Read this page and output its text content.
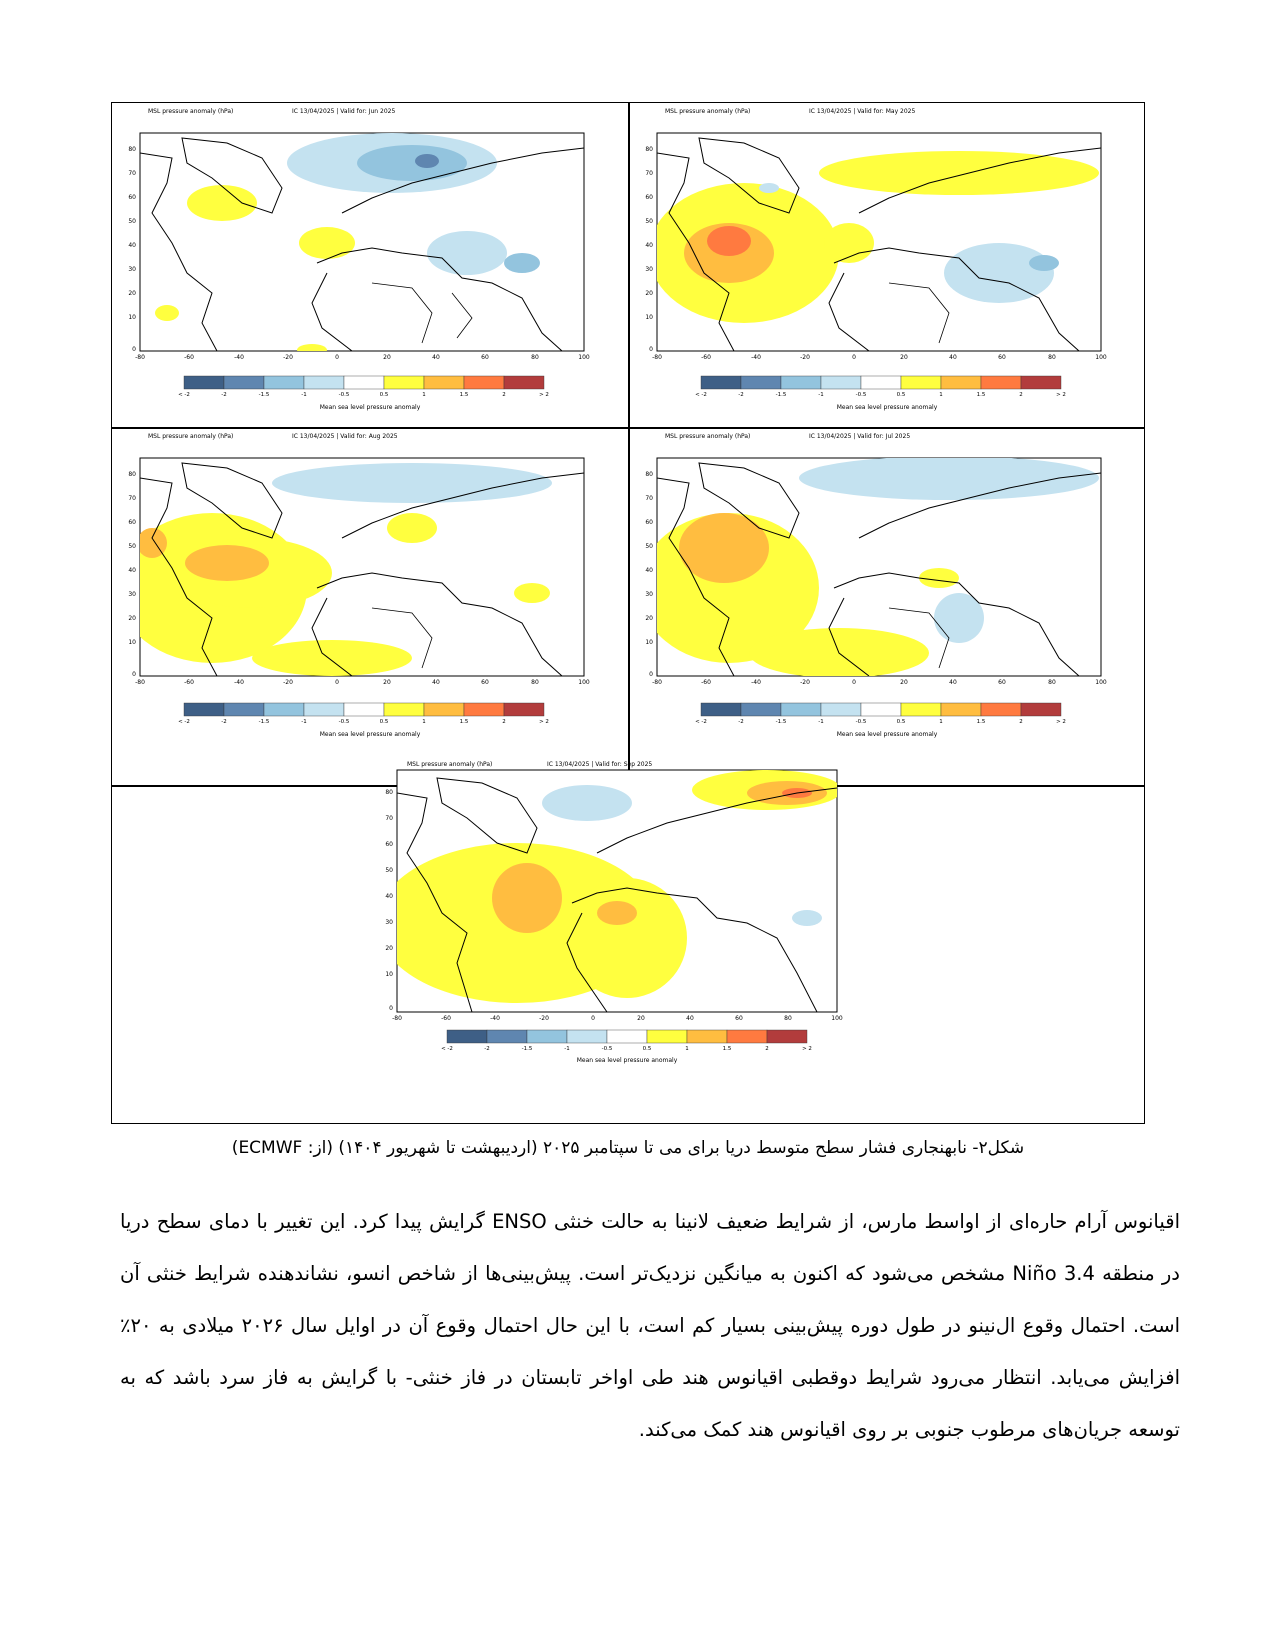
MSL pressure anomaly (hPa)	IC 13/04/2025 | Valid for: Jun 2025
-80	-60	-40	-20	0	20	40	60	80	100
80
70
60
50
40
30
20
10
0
< -2	-2	-1.5	-1	-0.5	0.5	1	1.5	2	> 2
Mean sea level pressure anomaly
MSL pressure anomaly (hPa)	IC 13/04/2025 | Valid for: May 2025
-80	-60	-40	-20	0	20	40	60	80	100
80
70
60
50
40
30
20
10
0
< -2	-2	-1.5	-1	-0.5	0.5	1	1.5	2	> 2
Mean sea level pressure anomaly
MSL pressure anomaly (hPa)	IC 13/04/2025 | Valid for: Aug 2025
-80	-60	-40	-20	0	20	40	60	80	100
80
70
60
50
40
30
20
10
0
< -2	-2	-1.5	-1	-0.5	0.5	1	1.5	2	> 2
Mean sea level pressure anomaly
MSL pressure anomaly (hPa)	IC 13/04/2025 | Valid for: Jul 2025
-80	-60	-40	-20	0	20	40	60	80	100
80
70
60
50
40
30
20
10
0
< -2	-2	-1.5	-1	-0.5	0.5	1	1.5	2	> 2
Mean sea level pressure anomaly
MSL pressure anomaly (hPa)	IC 13/04/2025 | Valid for: Sep 2025
< -2	-2	-1.5	-1	-0.5	0.5	1	1.5	2	> 2
Mean sea level pressure anomaly
-80	-60	-40	-20	0	20	40	60	80	100
80
70
60
50
40
30
20
10
0
شکل۲- نابهنجاری فشار سطح متوسط دریا برای می تا سپتامبر ۲۰۲۵ (اردیبهشت تا شهریور ۱۴۰۴) (از: ECMWF)

اقیانوس آرام حاره‌ای از اواسط مارس، از شرایط ضعیف لانینا به حالت خنثی ENSO گرایش پیدا کرد. این تغییر با دمای سطح دریا در منطقه Niño 3.4 مشخص می‌شود که اکنون به میانگین نزدیک‌تر است. پیش‌بینی‌ها از شاخص انسو، نشاندهنده شرایط خنثی آن است. احتمال وقوع ال‌نینو در طول دوره پیش‌بینی بسیار کم است، با این حال احتمال وقوع آن در اوایل سال ۲۰۲۶ میلادی به ۲۰٪ افزایش می‌یابد. انتظار می‌رود شرایط دوقطبی اقیانوس هند طی اواخر تابستان در فاز خنثی- با گرایش به فاز سرد باشد که به توسعه جریان‌های مرطوب جنوبی بر روی اقیانوس هند کمک می‌کند.
